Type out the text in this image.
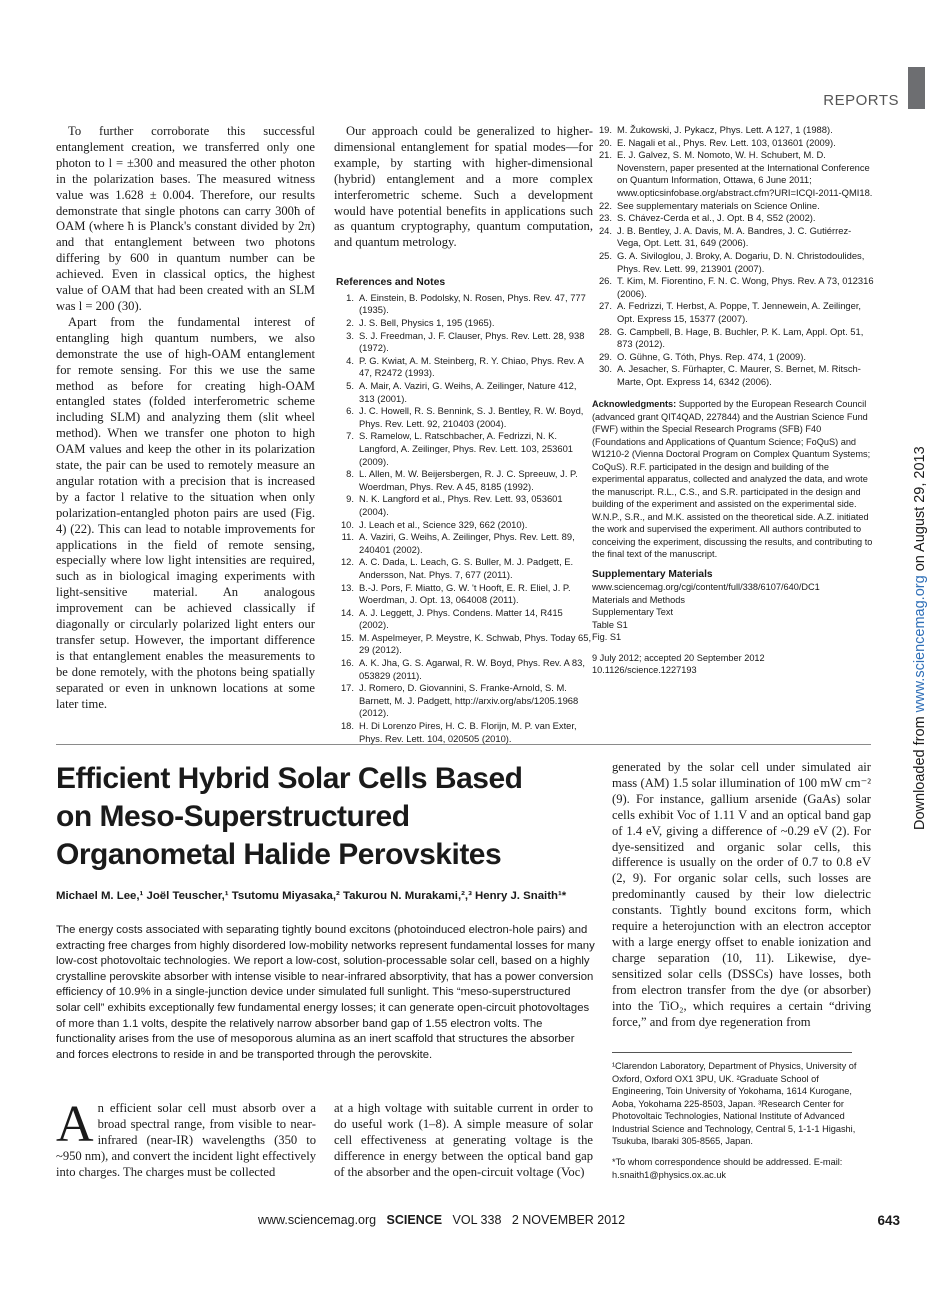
REPORTS
Downloaded from www.sciencemag.org on August 29, 2013

To further corroborate this successful entanglement creation, we transferred only one photon to l = ±300 and measured the other photon in the polarization bases. The measured witness value was 1.628 ± 0.004. Therefore, our results demonstrate that single photons can carry 300ħ of OAM (where ħ is Planck's constant divided by 2π) and that entanglement between two photons differing by 600 in quantum number can be achieved. Even in classical optics, the highest value of OAM that had been created with an SLM was l = 200 (30).

Apart from the fundamental interest of entangling high quantum numbers, we also demonstrate the use of high-OAM entanglement for remote sensing. For this we use the same method as before for creating high-OAM entangled states (folded interferometric scheme including SLM) and analyzing them (slit wheel method). When we transfer one photon to high OAM values and keep the other in its polarization state, the pair can be used to remotely measure an angular rotation with a precision that is increased by a factor l relative to the situation when only polarization-entangled photon pairs are used (Fig. 4) (22). This can lead to notable improvements for applications in the field of remote sensing, especially where low light intensities are required, such as in biological imaging experiments with light-sensitive material. An analogous improvement can be achieved classically if diagonally or circularly polarized light enters our transfer setup. However, the important difference is that entanglement enables the measurements to be done remotely, with the photons being spatially separated or even in unknown locations at some later time.

Our approach could be generalized to higher-dimensional entanglement for spatial modes—for example, by starting with higher-dimensional (hybrid) entanglement and a more complex interferometric scheme. Such a development would have potential benefits in applications such as quantum cryptography, quantum computation, and quantum metrology.

References and Notes
1. A. Einstein, B. Podolsky, N. Rosen, Phys. Rev. 47, 777 (1935).
2. J. S. Bell, Physics 1, 195 (1965).
3. S. J. Freedman, J. F. Clauser, Phys. Rev. Lett. 28, 938 (1972).
4. P. G. Kwiat, A. M. Steinberg, R. Y. Chiao, Phys. Rev. A 47, R2472 (1993).
5. A. Mair, A. Vaziri, G. Weihs, A. Zeilinger, Nature 412, 313 (2001).
6. J. C. Howell, R. S. Bennink, S. J. Bentley, R. W. Boyd, Phys. Rev. Lett. 92, 210403 (2004).
7. S. Ramelow, L. Ratschbacher, A. Fedrizzi, N. K. Langford, A. Zeilinger, Phys. Rev. Lett. 103, 253601 (2009).
8. L. Allen, M. W. Beijersbergen, R. J. C. Spreeuw, J. P. Woerdman, Phys. Rev. A 45, 8185 (1992).
9. N. K. Langford et al., Phys. Rev. Lett. 93, 053601 (2004).
10. J. Leach et al., Science 329, 662 (2010).
11. A. Vaziri, G. Weihs, A. Zeilinger, Phys. Rev. Lett. 89, 240401 (2002).
12. A. C. Dada, L. Leach, G. S. Buller, M. J. Padgett, E. Andersson, Nat. Phys. 7, 677 (2011).
13. B.-J. Pors, F. Miatto, G. W. 't Hooft, E. R. Eliel, J. P. Woerdman, J. Opt. 13, 064008 (2011).
14. A. J. Leggett, J. Phys. Condens. Matter 14, R415 (2002).
15. M. Aspelmeyer, P. Meystre, K. Schwab, Phys. Today 65, 29 (2012).
16. A. K. Jha, G. S. Agarwal, R. W. Boyd, Phys. Rev. A 83, 053829 (2011).
17. J. Romero, D. Giovannini, S. Franke-Arnold, S. M. Barnett, M. J. Padgett, http://arxiv.org/abs/1205.1968 (2012).
18. H. Di Lorenzo Pires, H. C. B. Florijn, M. P. van Exter, Phys. Rev. Lett. 104, 020505 (2010).
19. M. Žukowski, J. Pykacz, Phys. Lett. A 127, 1 (1988).
20. E. Nagali et al., Phys. Rev. Lett. 103, 013601 (2009).
21. E. J. Galvez, S. M. Nomoto, W. H. Schubert, M. D. Novenstern, paper presented at the International Conference on Quantum Information, Ottawa, 6 June 2011; www.opticsinfobase.org/abstract.cfm?URI=ICQI-2011-QMI18.
22. See supplementary materials on Science Online.
23. S. Chávez-Cerda et al., J. Opt. B 4, S52 (2002).
24. J. B. Bentley, J. A. Davis, M. A. Bandres, J. C. Gutiérrez-Vega, Opt. Lett. 31, 649 (2006).
25. G. A. Siviloglou, J. Broky, A. Dogariu, D. N. Christodoulides, Phys. Rev. Lett. 99, 213901 (2007).
26. T. Kim, M. Fiorentino, F. N. C. Wong, Phys. Rev. A 73, 012316 (2006).
27. A. Fedrizzi, T. Herbst, A. Poppe, T. Jennewein, A. Zeilinger, Opt. Express 15, 15377 (2007).
28. G. Campbell, B. Hage, B. Buchler, P. K. Lam, Appl. Opt. 51, 873 (2012).
29. O. Gühne, G. Tóth, Phys. Rep. 474, 1 (2009).
30. A. Jesacher, S. Fürhapter, C. Maurer, S. Bernet, M. Ritsch-Marte, Opt. Express 14, 6342 (2006).
Acknowledgments: Supported by the European Research Council (advanced grant QIT4QAD, 227844) and the Austrian Science Fund (FWF) within the Special Research Programs (SFB) F40 (Foundations and Applications of Quantum Science; FoQuS) and W1210-2 (Vienna Doctoral Program on Complex Quantum Systems; CoQuS). R.F. participated in the design and building of the experimental apparatus, collected and analyzed the data, and wrote the manuscript. R.L., C.S., and S.R. participated in the design and building of the experiment and assisted on the experimental side. W.N.P., S.R., and M.K. assisted on the theoretical side. A.Z. initiated the work and supervised the experiment. All authors contributed to conceiving the experiment, discussing the results, and contributing to the final text of the manuscript.
Supplementary Materials
www.sciencemag.org/cgi/content/full/338/6107/640/DC1
Materials and Methods
Supplementary Text
Table S1
Fig. S1
9 July 2012; accepted 20 September 2012
10.1126/science.1227193
Efficient Hybrid Solar Cells Based
on Meso-Superstructured
Organometal Halide Perovskites
Michael M. Lee,¹ Joël Teuscher,¹ Tsutomu Miyasaka,² Takurou N. Murakami,²,³ Henry J. Snaith¹*
The energy costs associated with separating tightly bound excitons (photoinduced electron-hole pairs) and extracting free charges from highly disordered low-mobility networks represent fundamental losses for many low-cost photovoltaic technologies. We report a low-cost, solution-processable solar cell, based on a highly crystalline perovskite absorber with intense visible to near-infrared absorptivity, that has a power conversion efficiency of 10.9% in a single-junction device under simulated full sunlight. This “meso-superstructured solar cell” exhibits exceptionally few fundamental energy losses; it can generate open-circuit photovoltages of more than 1.1 volts, despite the relatively narrow absorber band gap of 1.55 electron volts. The functionality arises from the use of mesoporous alumina as an inert scaffold that structures the absorber and forces electrons to reside in and be transported through the perovskite.
An efficient solar cell must absorb over a broad spectral range, from visible to near-infrared (near-IR) wavelengths (350 to ~950 nm), and convert the incident light effectively into charges. The charges must be collected
at a high voltage with suitable current in order to do useful work (1–8). A simple measure of solar cell effectiveness at generating voltage is the difference in energy between the optical band gap of the absorber and the open-circuit voltage (Voc)
generated by the solar cell under simulated air mass (AM) 1.5 solar illumination of 100 mW cm⁻² (9). For instance, gallium arsenide (GaAs) solar cells exhibit Voc of 1.11 V and an optical band gap of 1.4 eV, giving a difference of ~0.29 eV (2). For dye-sensitized and organic solar cells, this difference is usually on the order of 0.7 to 0.8 eV (2, 9). For organic solar cells, such losses are predominantly caused by their low dielectric constants. Tightly bound excitons form, which require a heterojunction with an electron acceptor with a large energy offset to enable ionization and charge separation (10, 11). Likewise, dye-sensitized solar cells (DSSCs) have losses, both from electron transfer from the dye (or absorber) into the TiO₂, which requires a certain “driving force,” and from dye regeneration from
¹Clarendon Laboratory, Department of Physics, University of Oxford, Oxford OX1 3PU, UK. ²Graduate School of Engineering, Toin University of Yokohama, 1614 Kurogane, Aoba, Yokohama 225-8503, Japan. ³Research Center for Photovoltaic Technologies, National Institute of Advanced Industrial Science and Technology, Central 5, 1-1-1 Higashi, Tsukuba, Ibaraki 305-8565, Japan.
*To whom correspondence should be addressed. E-mail: h.snaith1@physics.ox.ac.uk
www.sciencemag.org SCIENCE VOL 338 2 NOVEMBER 2012	643
